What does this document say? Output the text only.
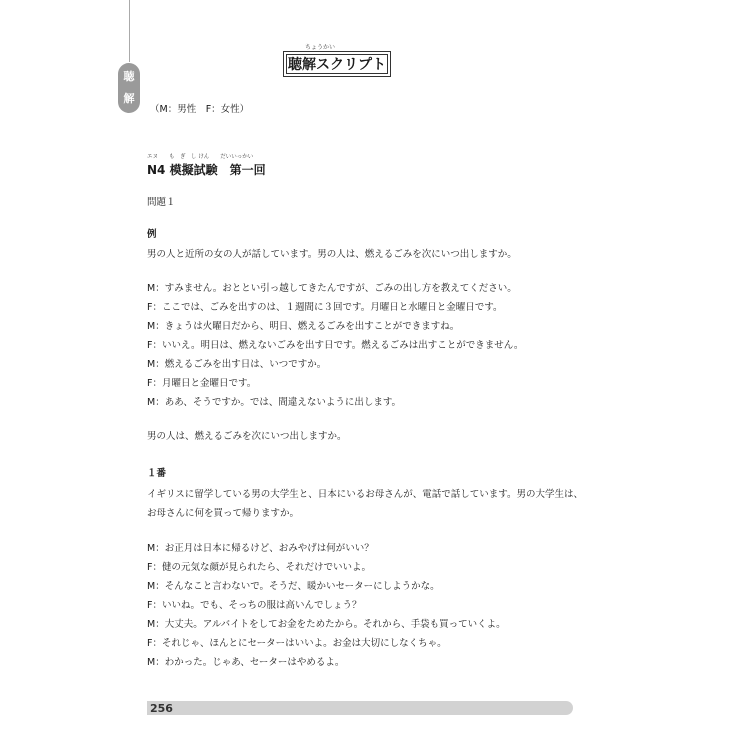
聴
解
ちょうかい
聴解スクリプト
（M：男性　F：女性）
エヌ　　も　ぎ　し けん　　だいいっかい
N4 模擬試験　第一回
問題１
例
男の人と近所の女の人が話しています。男の人は、燃えるごみを次にいつ出しますか。
M：すみません。おととい引っ越してきたんですが、ごみの出し方を教えてください。
F：ここでは、ごみを出すのは、１週間に３回です。月曜日と水曜日と金曜日です。
M：きょうは火曜日だから、明日、燃えるごみを出すことができますね。
F：いいえ。明日は、燃えないごみを出す日です。燃えるごみは出すことができません。
M：燃えるごみを出す日は、いつですか。
F：月曜日と金曜日です。
M：ああ、そうですか。では、間違えないように出します。
男の人は、燃えるごみを次にいつ出しますか。
１番
イギリスに留学している男の大学生と、日本にいるお母さんが、電話で話しています。男の大学生は、
お母さんに何を買って帰りますか。
M：お正月は日本に帰るけど、おみやげは何がいい？
F：健の元気な顔が見られたら、それだけでいいよ。
M：そんなこと言わないで。そうだ、暖かいセーターにしようかな。
F：いいね。でも、そっちの服は高いんでしょう？
M：大丈夫。アルバイトをしてお金をためたから。それから、手袋も買っていくよ。
F：それじゃ、ほんとにセーターはいいよ。お金は大切にしなくちゃ。
M：わかった。じゃあ、セーターはやめるよ。
256
